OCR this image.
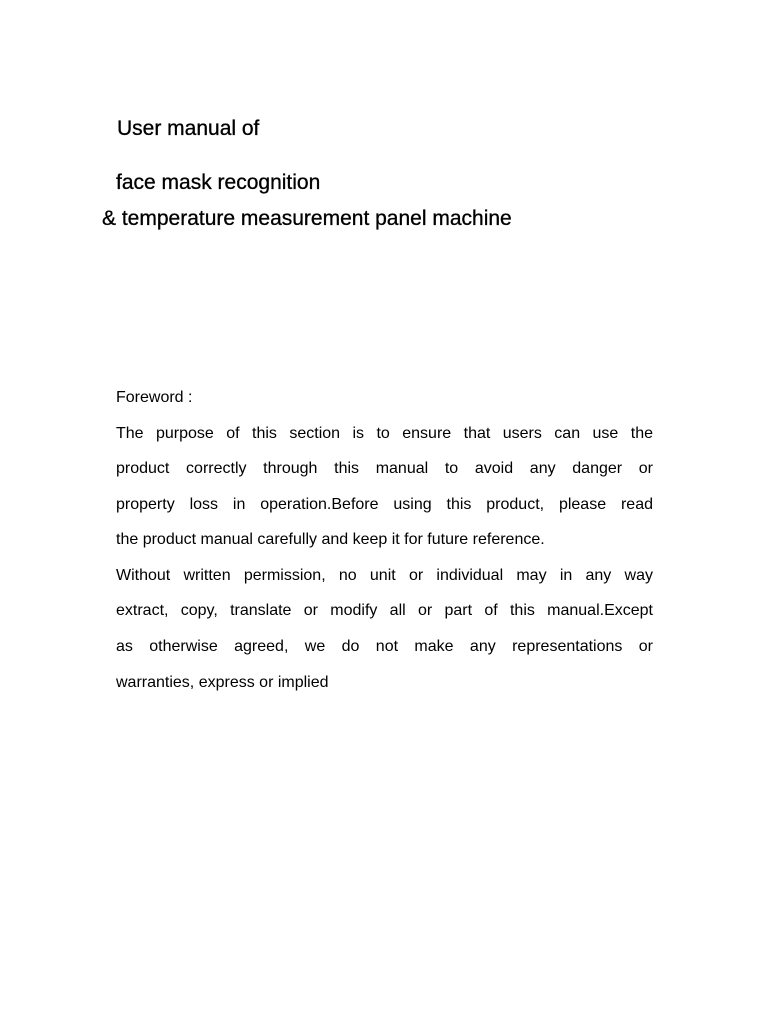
User manual of
face mask recognition
& temperature measurement panel machine
Foreword :
The purpose of this section is to ensure that users can use the
product correctly through this manual to avoid any danger or
property loss in operation.Before using this product, please read
the product manual carefully and keep it for future reference.
Without written permission, no unit or individual may in any way
extract, copy, translate or modify all or part of this manual.Except
as otherwise agreed, we do not make any representations or
warranties, express or implied
